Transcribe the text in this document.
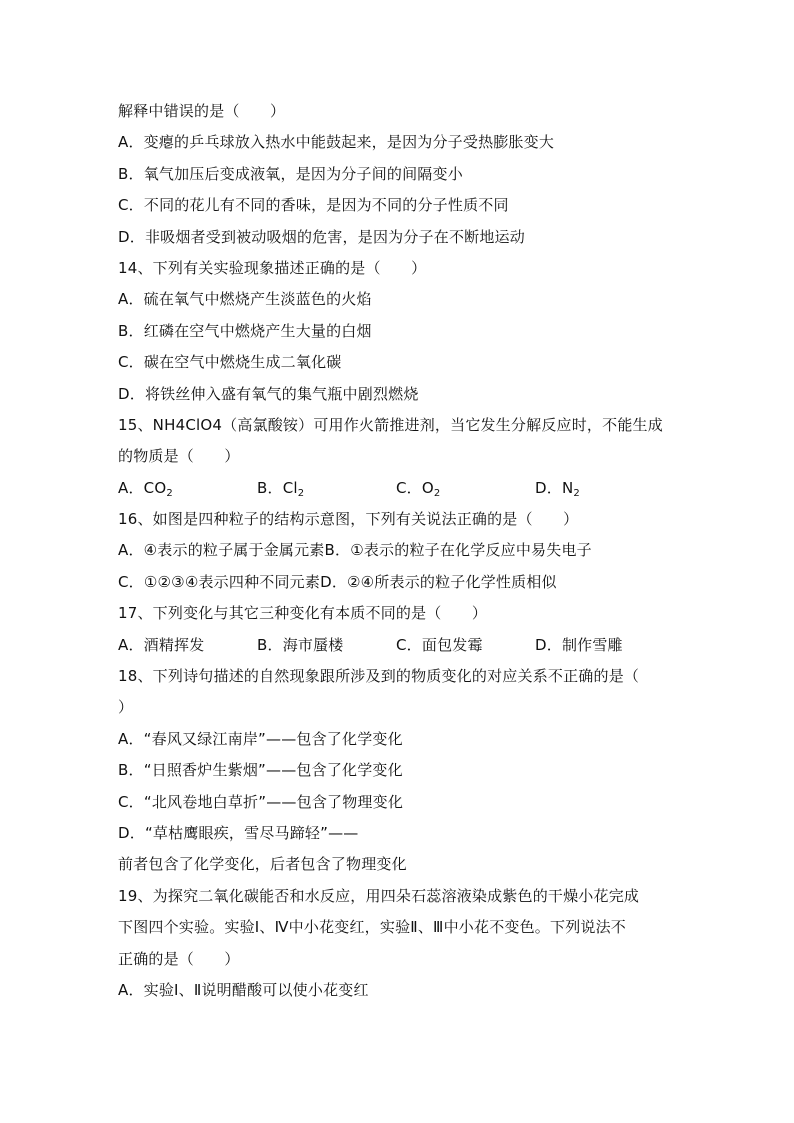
解释中错误的是（　　）
A．变瘪的乒乓球放入热水中能鼓起来，是因为分子受热膨胀变大
B．氧气加压后变成液氧，是因为分子间的间隔变小
C．不同的花儿有不同的香味，是因为不同的分子性质不同
D．非吸烟者受到被动吸烟的危害，是因为分子在不断地运动
14、下列有关实验现象描述正确的是（　　）
A．硫在氧气中燃烧产生淡蓝色的火焰
B．红磷在空气中燃烧产生大量的白烟
C．碳在空气中燃烧生成二氧化碳
D．将铁丝伸入盛有氧气的集气瓶中剧烈燃烧
15、NH4ClO4（高氯酸铵）可用作火箭推进剂，当它发生分解反应时，不能生成
的物质是（　　）
A．$CO_2$	B．$Cl_2$	C．$O_2$	D．$N_2$
16、如图是四种粒子的结构示意图，下列有关说法正确的是（　　）
A．④表示的粒子属于金属元素B．①表示的粒子在化学反应中易失电子
C．①②③④表示四种不同元素D．②④所表示的粒子化学性质相似
17、下列变化与其它三种变化有本质不同的是（　　）
A．酒精挥发	B．海市蜃楼	C．面包发霉	D．制作雪雕
18、下列诗句描述的自然现象跟所涉及到的物质变化的对应关系不正确的是（
）
A．“春风又绿江南岸”——包含了化学变化
B．“日照香炉生紫烟”——包含了化学变化
C．“北风卷地白草折”——包含了物理变化
D．“草枯鹰眼疾，雪尽马蹄轻”——
前者包含了化学变化，后者包含了物理变化
19、为探究二氧化碳能否和水反应，用四朵石蕊溶液染成紫色的干燥小花完成
下图四个实验。实验Ⅰ、Ⅳ中小花变红，实验Ⅱ、Ⅲ中小花不变色。下列说法不
正确的是（　　）
A．实验Ⅰ、Ⅱ说明醋酸可以使小花变红
